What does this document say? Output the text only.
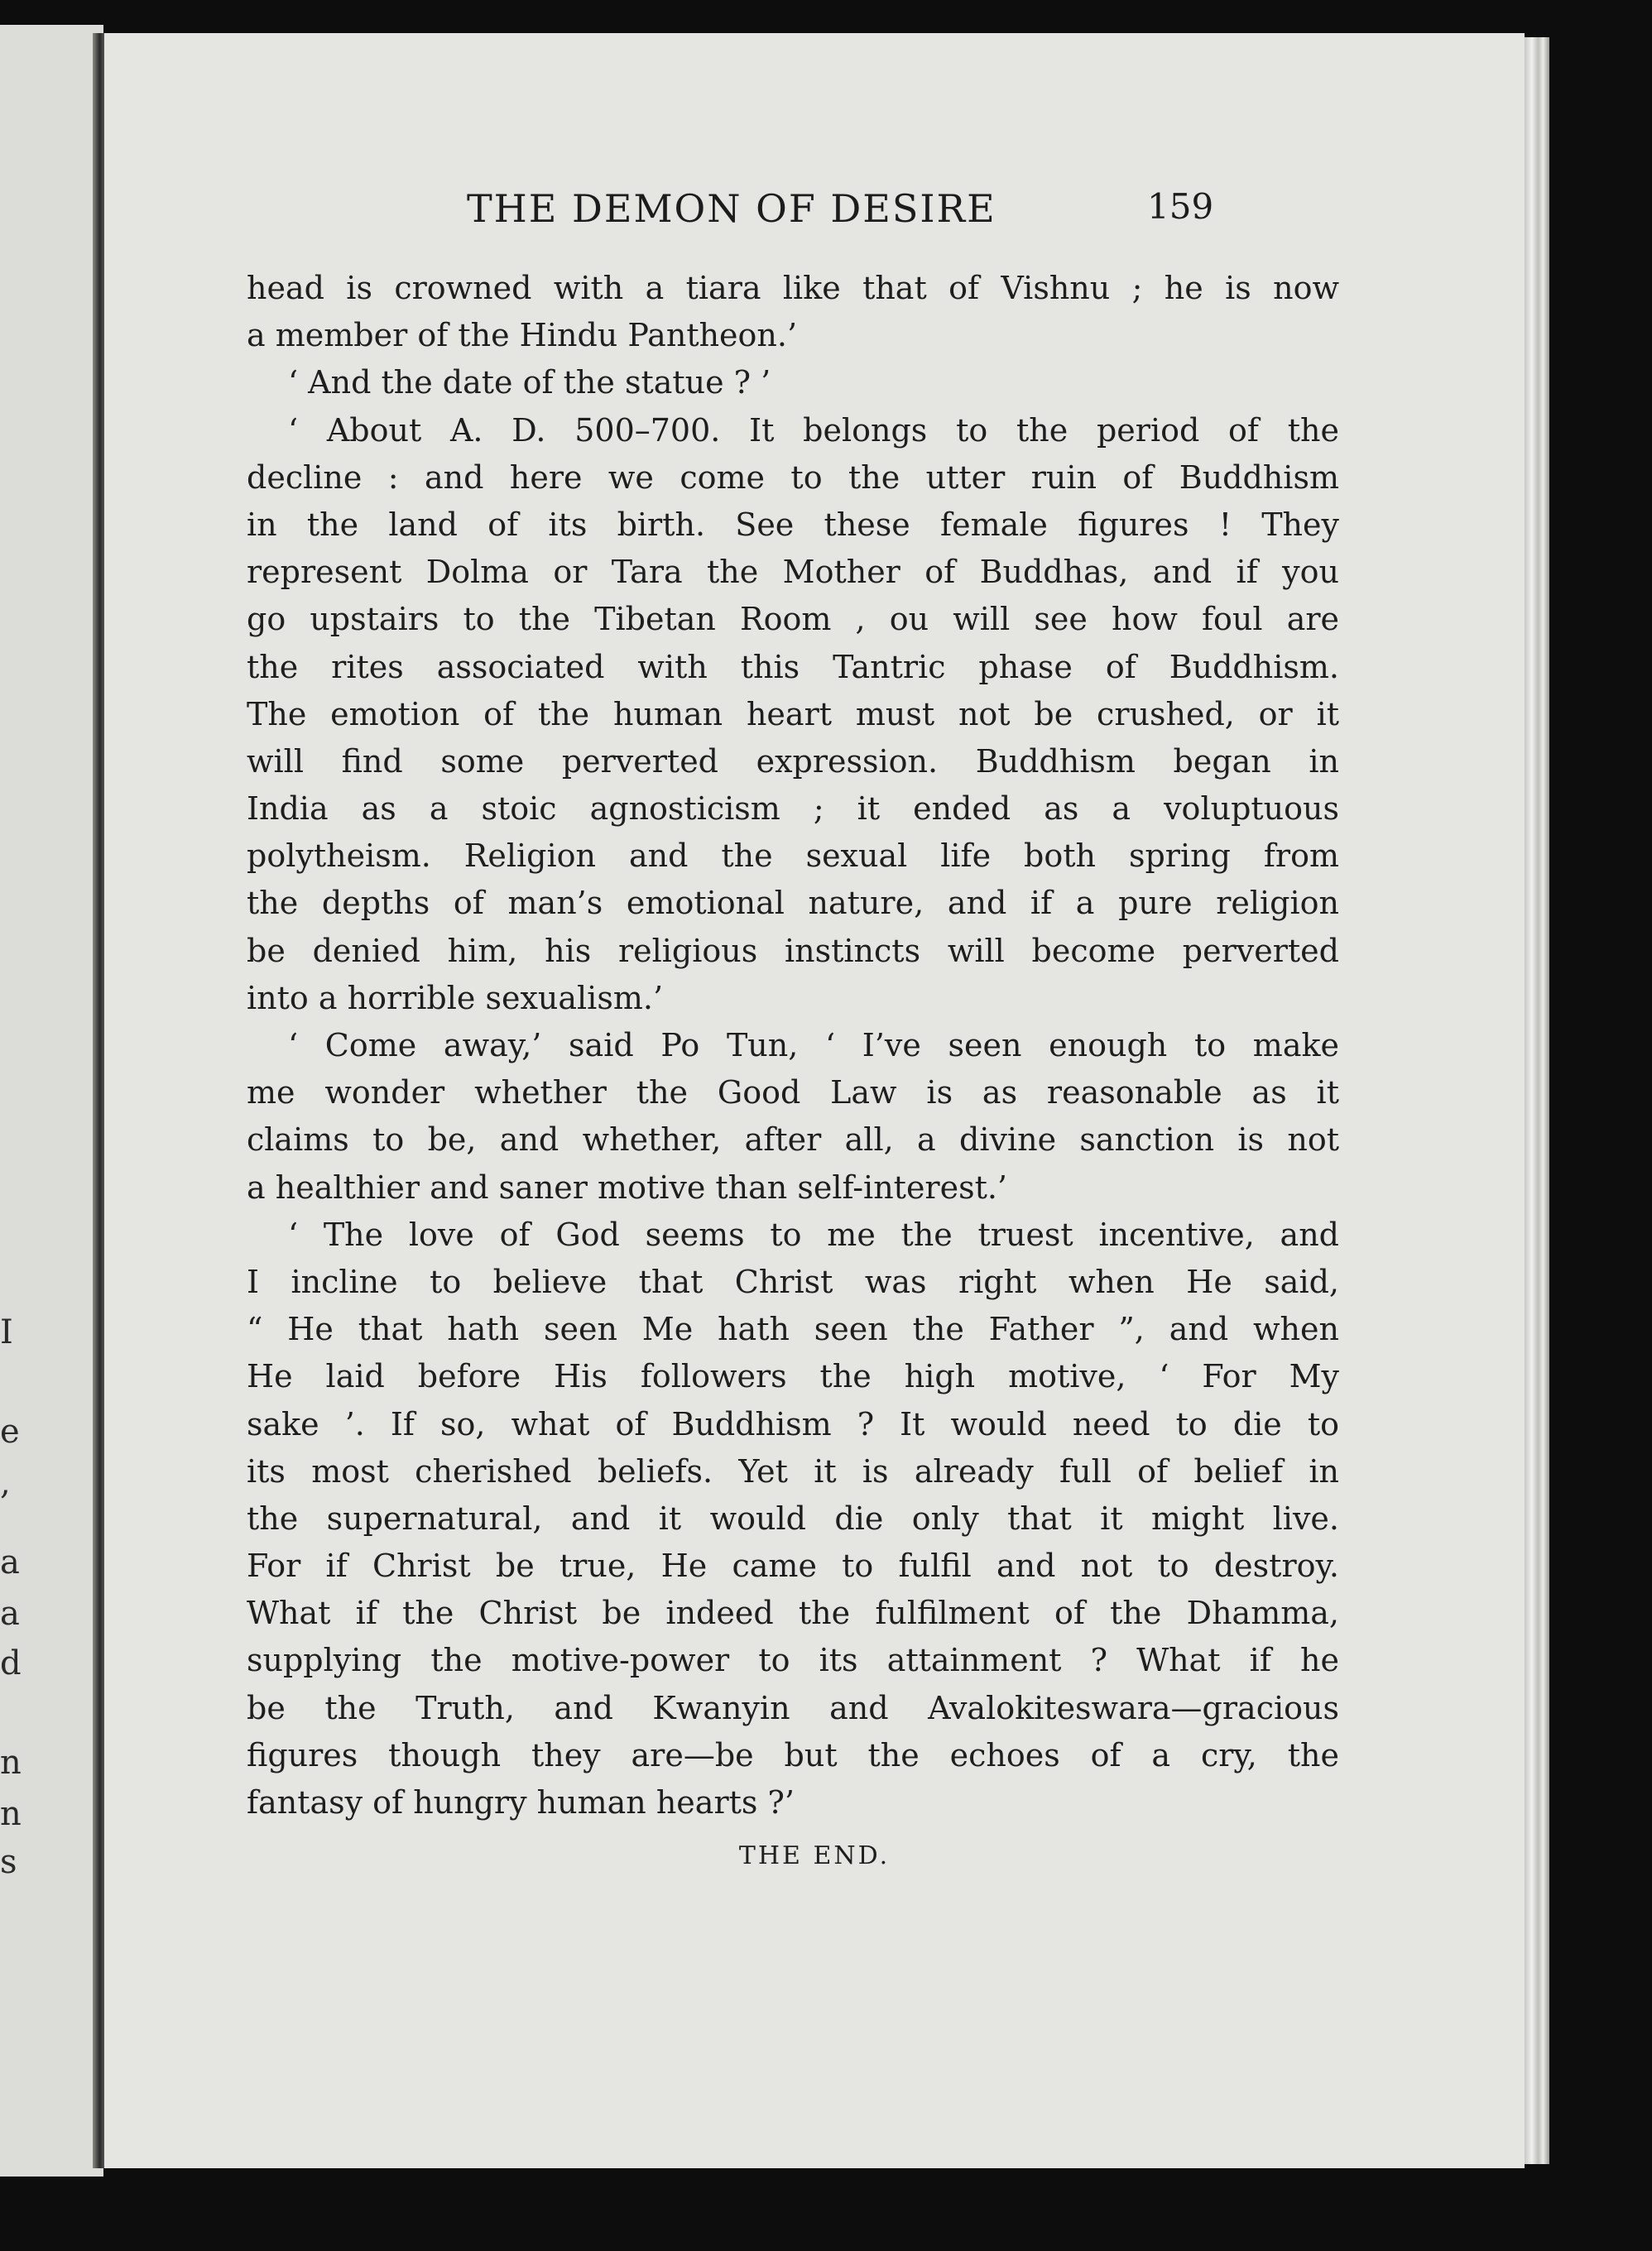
I
e
,
a
a
d
n
n
s
THE DEMON OF DESIRE	159
head is crowned with a tiara like that of Vishnu ; he is now
a member of the Hindu Pantheon.’
‘ And the date of the statue ? ’
‘ About A. D. 500–700. It belongs to the period of the
decline : and here we come to the utter ruin of Buddhism
in the land of its birth. See these female figures ! They
represent Dolma or Tara the Mother of Buddhas, and if you
go upstairs to the Tibetan Room , ou will see how foul are
the rites associated with this Tantric phase of Buddhism.
The emotion of the human heart must not be crushed, or it
will find some perverted expression. Buddhism began in
India as a stoic agnosticism ; it ended as a voluptuous
polytheism. Religion and the sexual life both spring from
the depths of man’s emotional nature, and if a pure religion
be denied him, his religious instincts will become perverted
into a horrible sexualism.’
‘ Come away,’ said Po Tun, ‘ I’ve seen enough to make
me wonder whether the Good Law is as reasonable as it
claims to be, and whether, after all, a divine sanction is not
a healthier and saner motive than self-interest.’
‘ The love of God seems to me the truest incentive, and
I incline to believe that Christ was right when He said,
“ He that hath seen Me hath seen the Father ”, and when
He laid before His followers the high motive, ‘ For My
sake ’. If so, what of Buddhism ? It would need to die to
its most cherished beliefs. Yet it is already full of belief in
the supernatural, and it would die only that it might live.
For if Christ be true, He came to fulfil and not to destroy.
What if the Christ be indeed the fulfilment of the Dhamma,
supplying the motive-power to its attainment ? What if he
be the Truth, and Kwanyin and Avalokiteswara—gracious
figures though they are—be but the echoes of a cry, the
fantasy of hungry human hearts ?’
THE END.
